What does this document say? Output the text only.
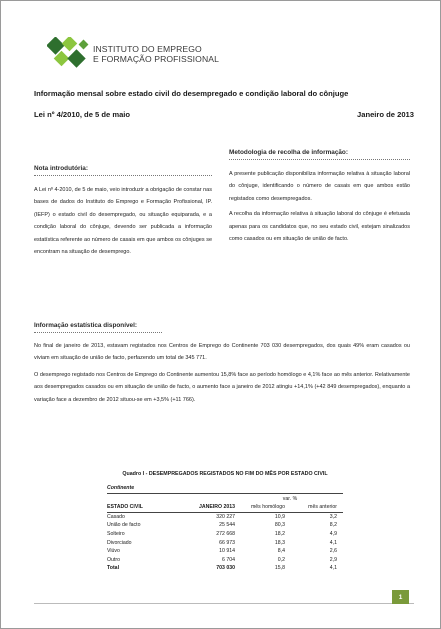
INSTITUTO DO EMPREGO
E FORMAÇÃO PROFISSIONAL
Informação mensal sobre estado civil do desempregado e condição laboral do cônjuge
Lei nº 4/2010, de 5 de maio	Janeiro de 2013
Nota introdutória:
A Lei nº 4-2010, de 5 de maio, veio introduzir a obrigação de constar nas bases de dados do Instituto do Emprego e Formação Profissional, IP. (IEFP) o estado civil do desempregado, ou situação equiparada, e a condição laboral do cônjuge, devendo ser publicada a informação estatística referente ao número de casais em que ambos os cônjuges se encontram na situação de desemprego.
Metodologia de recolha de informação:
A presente publicação disponibiliza informação relativa à situação laboral do cônjuge, identificando o número de casais em que ambos estão registados como desempregados.
A recolha da informação relativa à situação laboral do cônjuge é efetuada apenas para os candidatos que, no seu estado civil, estejam sinalizados como casados ou em situação de união de facto.
Informação estatística disponível:
No final de janeiro de 2013, estavam registados nos Centros de Emprego do Continente 703 030 desempregados, dos quais 49% eram casados ou viviam em situação de união de facto, perfazendo um total de 345 771.
O desemprego registado nos Centros de Emprego do Continente aumentou 15,8% face ao período homólogo e 4,1% face ao mês anterior. Relativamente aos desempregados casados ou em situação de união de facto, o aumento face a janeiro de 2012 atingiu +14,1% (+42 849 desempregados), enquanto a variação face a dezembro de 2012 situou-se em +3,5% (+11 766).
Quadro I - DESEMPREGADOS REGISTADOS NO FIM DO MÊS POR ESTADO CIVIL
Continente
var. %
ESTADO CIVIL	JANEIRO 2013	mês homólogo	mês anterior
Casado	320 227	10,9	3,2
União de facto	25 544	80,3	8,2
Solteiro	272 668	18,2	4,9
Divorciado	66 973	18,3	4,1
Viúvo	10 914	8,4	2,6
Outro	6 704	0,2	2,9
Total	703 030	15,8	4,1
1
